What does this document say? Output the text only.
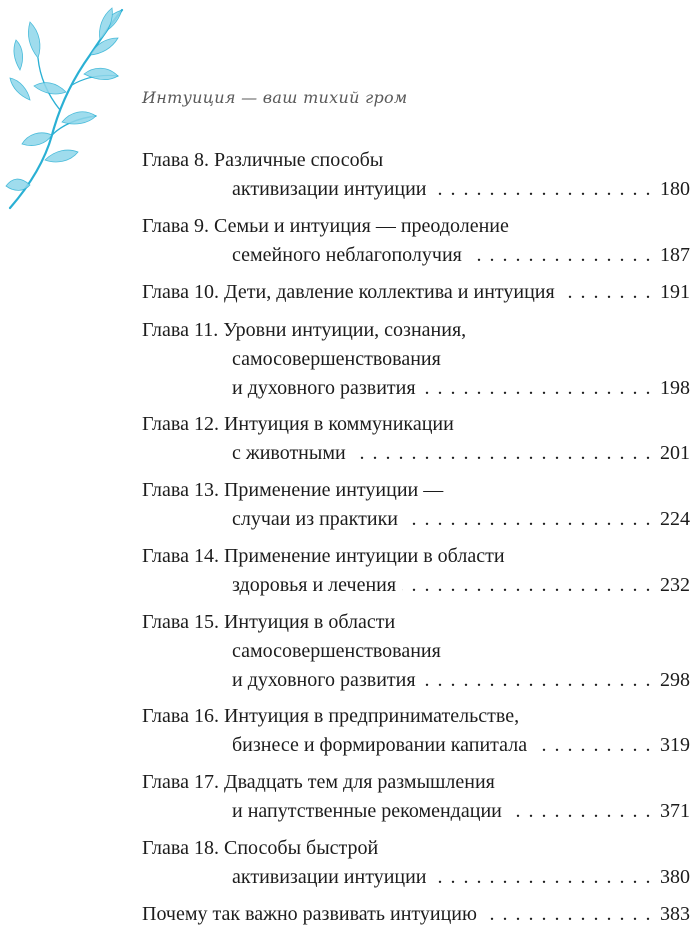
Интуиция — ваш тихий гром
Глава 8.
Различные способы
активизации интуиции . . .	180
Глава 9.
Семьи и интуиция — преодоление
семейного неблагополучия . . .	187
Глава 10.
Дети, давление коллектива и интуиция . . .	191
Глава 11.
Уровни интуиции, сознания,
самосовершенствования
и духовного развития . . .	198
Глава 12.
Интуиция в коммуникации
с животными . . .	201
Глава 13.
Применение интуиции —
случаи из практики . . .	224
Глава 14.
Применение интуиции в области
здоровья и лечения . . .	232
Глава 15.
Интуиция в области
самосовершенствования
и духовного развития . . .	298
Глава 16.
Интуиция в предпринимательстве,
бизнесе и формировании капитала . . .	319
Глава 17.
Двадцать тем для размышления
и напутственные рекомендации . . .	371
Глава 18.
Способы быстрой
активизации интуиции . . .	380
Почему так важно развивать интуицию . . .	383
